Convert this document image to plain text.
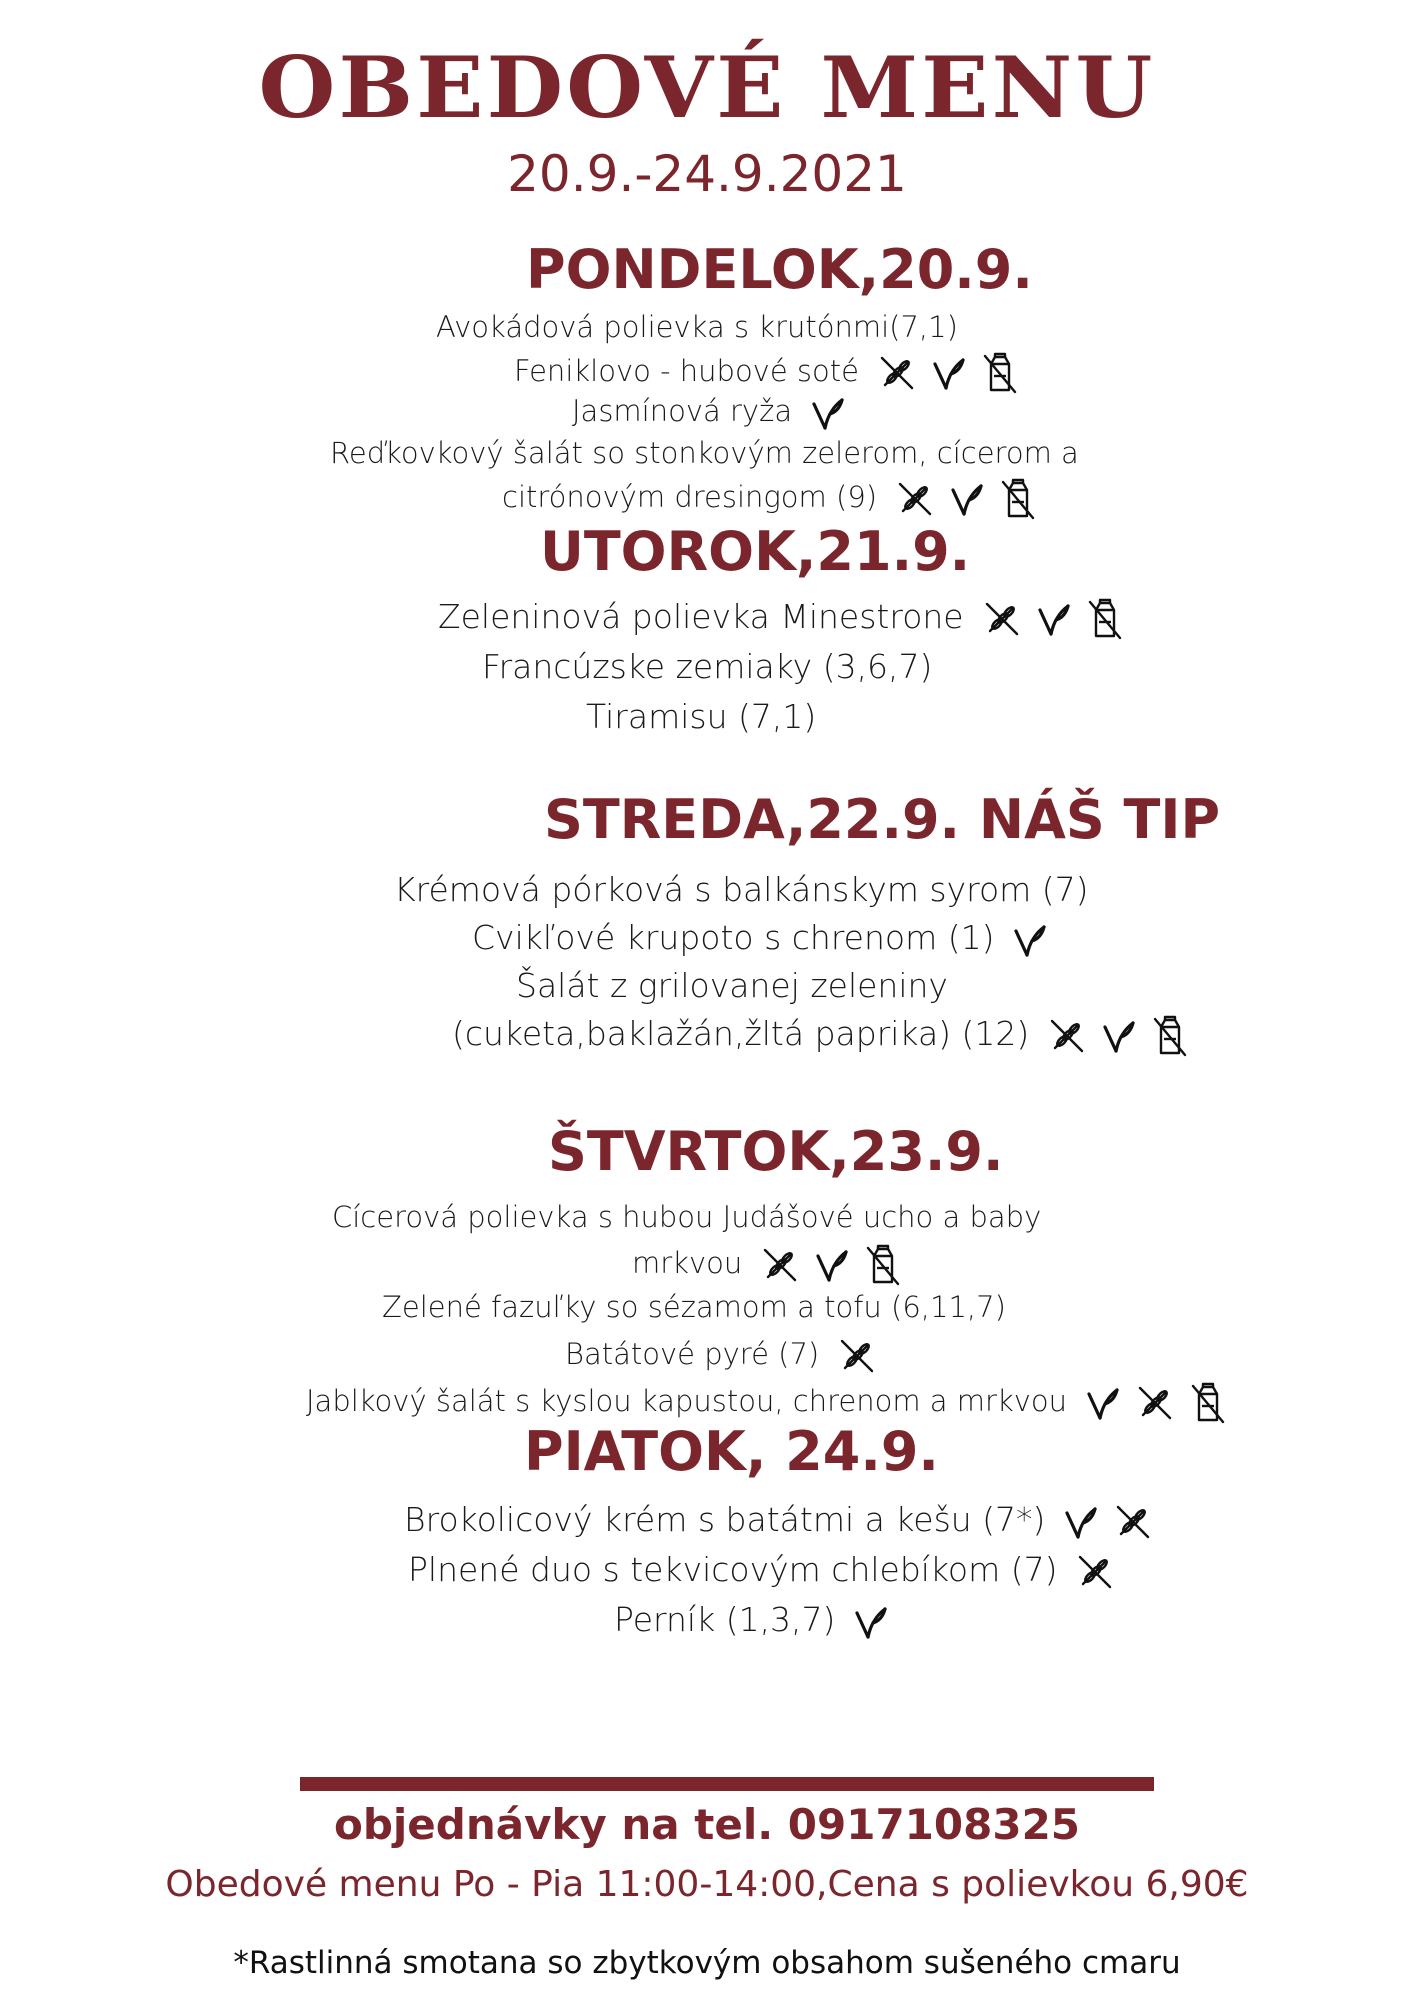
OBEDOVÉ MENU
20.9.-24.9.2021
PONDELOK,20.9.
Avokádová polievka s krutónmi(7,1)
Feniklovo - hubové soté
Jasmínová ryža
Reďkovkový šalát so stonkovým zelerom, cícerom a
citrónovým dresingom (9)
UTOROK,21.9.
Zeleninová polievka Minestrone
Francúzske zemiaky (3,6,7)
Tiramisu (7,1)
STREDA,22.9. NÁŠ TIP
Krémová pórková s balkánskym syrom (7)
Cvikľové krupoto s chrenom (1)
Šalát z grilovanej zeleniny
(cuketa,baklažán,žltá paprika) (12)
ŠTVRTOK,23.9.
Cícerová polievka s hubou Judášové ucho a baby
mrkvou
Zelené fazuľky so sézamom a tofu (6,11,7)
Batátové pyré (7)
Jablkový šalát s kyslou kapustou, chrenom a mrkvou
PIATOK, 24.9.
Brokolicový krém s batátmi a kešu (7*)
Plnené duo s tekvicovým chlebíkom (7)
Perník (1,3,7)
objednávky na tel. 0917108325
Obedové menu Po - Pia 11:00-14:00,Cena s polievkou 6,90€
*Rastlinná smotana so zbytkovým obsahom sušeného cmaru
